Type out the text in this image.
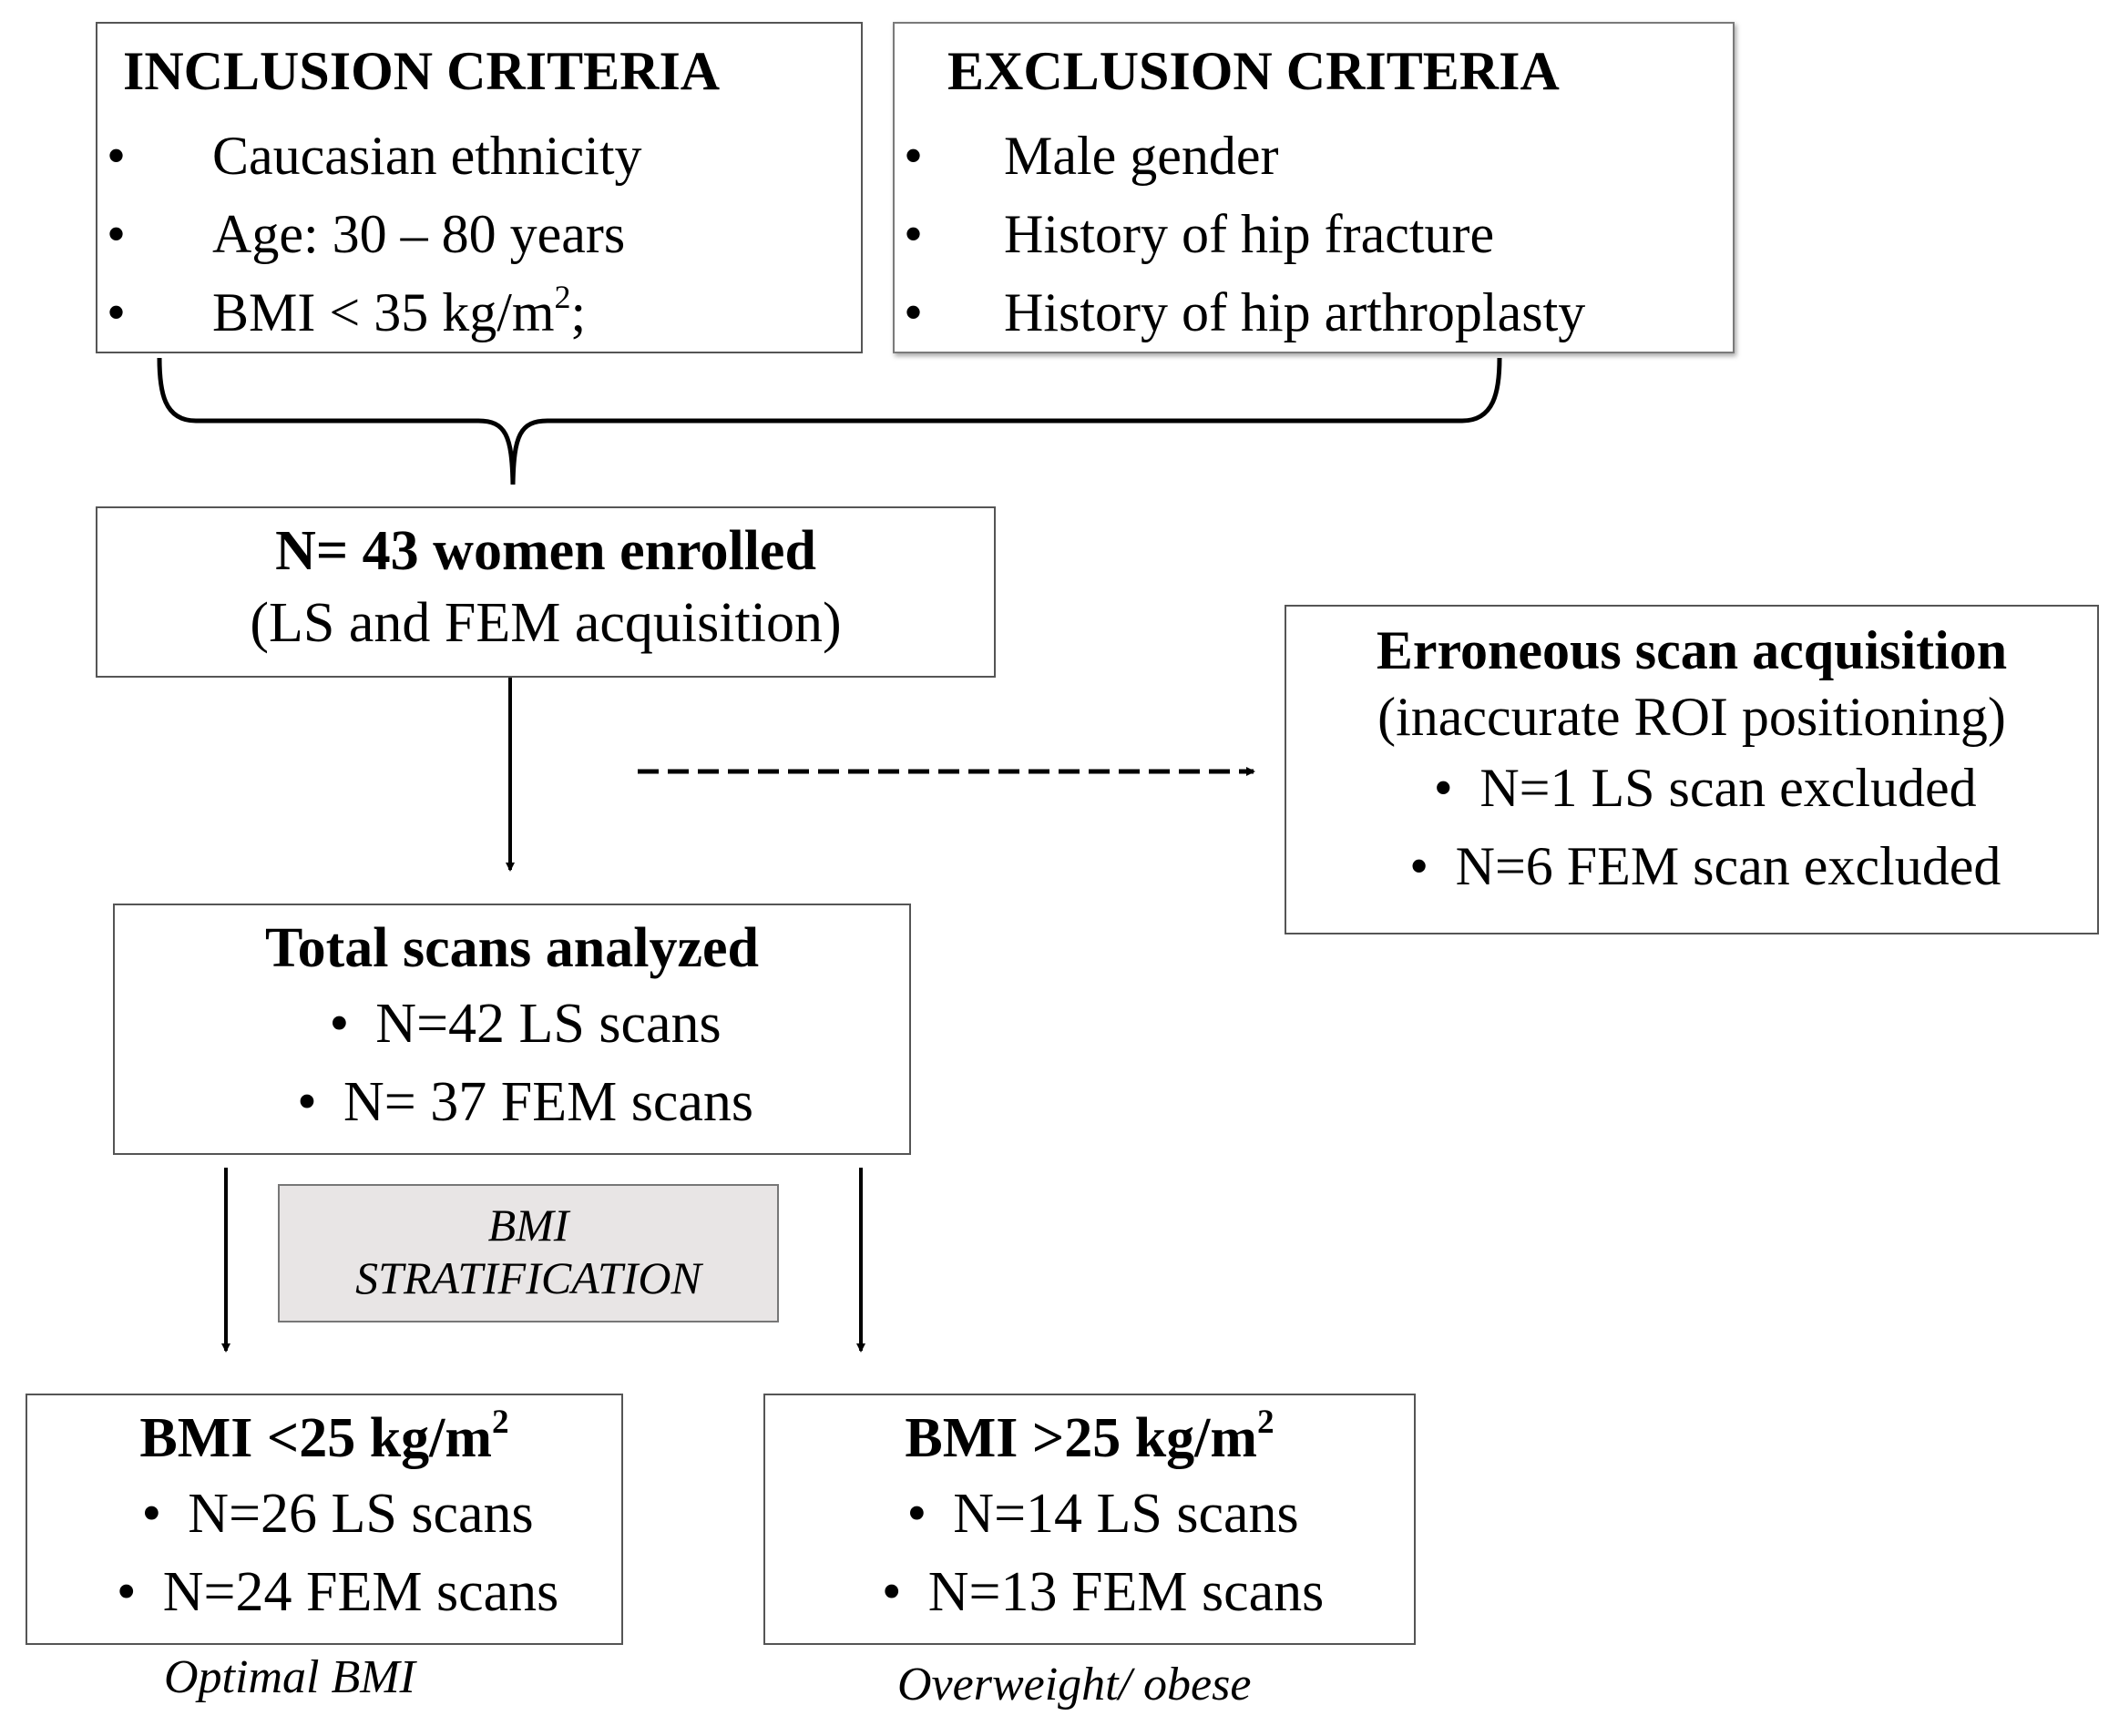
INCLUSION CRITERIA
• Caucasian ethnicity
• Age: 30 – 80 years
• BMI < 35 $kg/m^2$;
EXCLUSION CRITERIA
• Male gender
• History of hip fracture
• History of hip arthroplasty
N= 43 women enrolled
(LS and FEM acquisition)	Erroneous scan acquisition
(inaccurate ROI positioning)
• N=1 LS scan excluded
• N=6 FEM scan excluded
Total scans analyzed
• N=42 LS scans
• N= 37 FEM scans
BMI
STRATIFICATION
BMI <25 $kg/m^2$
• N=26 LS scans
• N=24 FEM scans
Optimal BMI
BMI >25 $kg/m^2$
• N=14 LS scans
• N=13 FEM scans
Overweight/ obese
